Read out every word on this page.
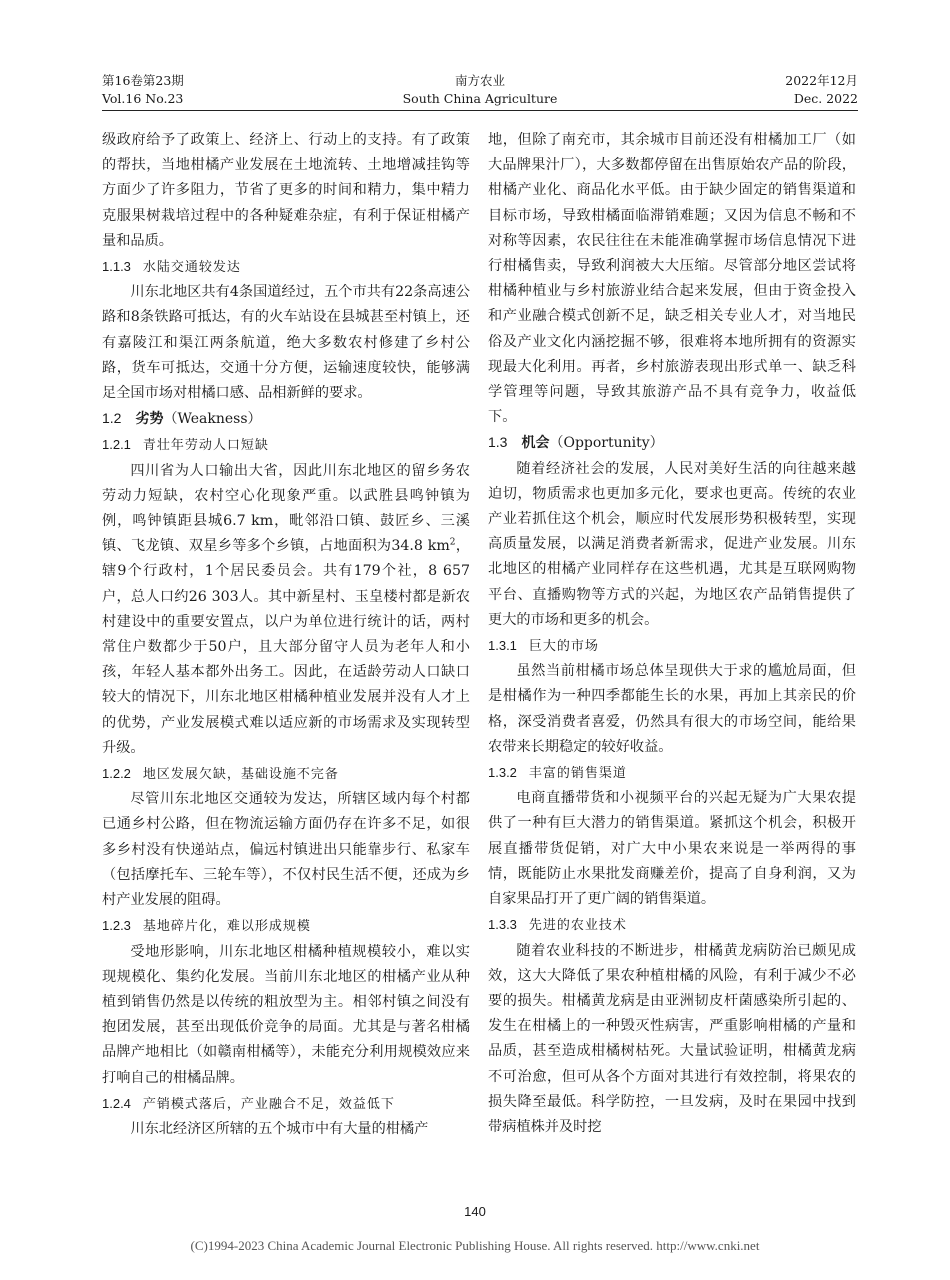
第16卷第23期
Vol.16 No.23
南方农业
South China Agriculture
2022年12月
Dec. 2022

级政府给予了政策上、经济上、行动上的支持。有了政策的帮扶，当地柑橘产业发展在土地流转、土地增减挂钩等方面少了许多阻力，节省了更多的时间和精力，集中精力克服果树栽培过程中的各种疑难杂症，有利于保证柑橘产量和品质。

1.1.3 水陆交通较发达

川东北地区共有4条国道经过，五个市共有22条高速公路和8条铁路可抵达，有的火车站设在县城甚至村镇上，还有嘉陵江和渠江两条航道，绝大多数农村修建了乡村公路，货车可抵达，交通十分方便，运输速度较快，能够满足全国市场对柑橘口感、品相新鲜的要求。

1.2 劣势（Weakness）
1.2.1 青壮年劳动人口短缺

四川省为人口输出大省，因此川东北地区的留乡务农劳动力短缺，农村空心化现象严重。以武胜县鸣钟镇为例，鸣钟镇距县城6.7 km，毗邻沿口镇、鼓匠乡、三溪镇、飞龙镇、双星乡等多个乡镇，占地面积为34.8 $km^2$，辖9个行政村，1个居民委员会。共有179个社，8 657户，总人口约26 303人。其中新星村、玉皇楼村都是新农村建设中的重要安置点，以户为单位进行统计的话，两村常住户数都少于50户，且大部分留守人员为老年人和小孩，年轻人基本都外出务工。因此，在适龄劳动人口缺口较大的情况下，川东北地区柑橘种植业发展并没有人才上的优势，产业发展模式难以适应新的市场需求及实现转型升级。

1.2.2 地区发展欠缺，基础设施不完备

尽管川东北地区交通较为发达，所辖区域内每个村都已通乡村公路，但在物流运输方面仍存在许多不足，如很多乡村没有快递站点，偏远村镇进出只能靠步行、私家车（包括摩托车、三轮车等），不仅村民生活不便，还成为乡村产业发展的阻碍。

1.2.3 基地碎片化，难以形成规模

受地形影响，川东北地区柑橘种植规模较小，难以实现规模化、集约化发展。当前川东北地区的柑橘产业从种植到销售仍然是以传统的粗放型为主。相邻村镇之间没有抱团发展，甚至出现低价竞争的局面。尤其是与著名柑橘品牌产地相比（如赣南柑橘等），未能充分利用规模效应来打响自己的柑橘品牌。

1.2.4 产销模式落后，产业融合不足，效益低下

川东北经济区所辖的五个城市中有大量的柑橘产

地，但除了南充市，其余城市目前还没有柑橘加工厂（如大品牌果汁厂），大多数都停留在出售原始农产品的阶段，柑橘产业化、商品化水平低。由于缺少固定的销售渠道和目标市场，导致柑橘面临滞销难题；又因为信息不畅和不对称等因素，农民往往在未能准确掌握市场信息情况下进行柑橘售卖，导致利润被大大压缩。尽管部分地区尝试将柑橘种植业与乡村旅游业结合起来发展，但由于资金投入和产业融合模式创新不足，缺乏相关专业人才，对当地民俗及产业文化内涵挖掘不够，很难将本地所拥有的资源实现最大化利用。再者，乡村旅游表现出形式单一、缺乏科学管理等问题，导致其旅游产品不具有竞争力，收益低下。

1.3 机会（Opportunity）

随着经济社会的发展，人民对美好生活的向往越来越迫切，物质需求也更加多元化，要求也更高。传统的农业产业若抓住这个机会，顺应时代发展形势积极转型，实现高质量发展，以满足消费者新需求，促进产业发展。川东北地区的柑橘产业同样存在这些机遇，尤其是互联网购物平台、直播购物等方式的兴起，为地区农产品销售提供了更大的市场和更多的机会。

1.3.1 巨大的市场

虽然当前柑橘市场总体呈现供大于求的尴尬局面，但是柑橘作为一种四季都能生长的水果，再加上其亲民的价格，深受消费者喜爱，仍然具有很大的市场空间，能给果农带来长期稳定的较好收益。

1.3.2 丰富的销售渠道

电商直播带货和小视频平台的兴起无疑为广大果农提供了一种有巨大潜力的销售渠道。紧抓这个机会，积极开展直播带货促销，对广大中小果农来说是一举两得的事情，既能防止水果批发商赚差价，提高了自身利润，又为自家果品打开了更广阔的销售渠道。

1.3.3 先进的农业技术

随着农业科技的不断进步，柑橘黄龙病防治已颇见成效，这大大降低了果农种植柑橘的风险，有利于减少不必要的损失。柑橘黄龙病是由亚洲韧皮杆菌感染所引起的、发生在柑橘上的一种毁灭性病害，严重影响柑橘的产量和品质，甚至造成柑橘树枯死。大量试验证明，柑橘黄龙病不可治愈，但可从各个方面对其进行有效控制，将果农的损失降至最低。科学防控，一旦发病，及时在果园中找到带病植株并及时挖

140
(C)1994-2023 China Academic Journal Electronic Publishing House. All rights reserved. http://www.cnki.net
